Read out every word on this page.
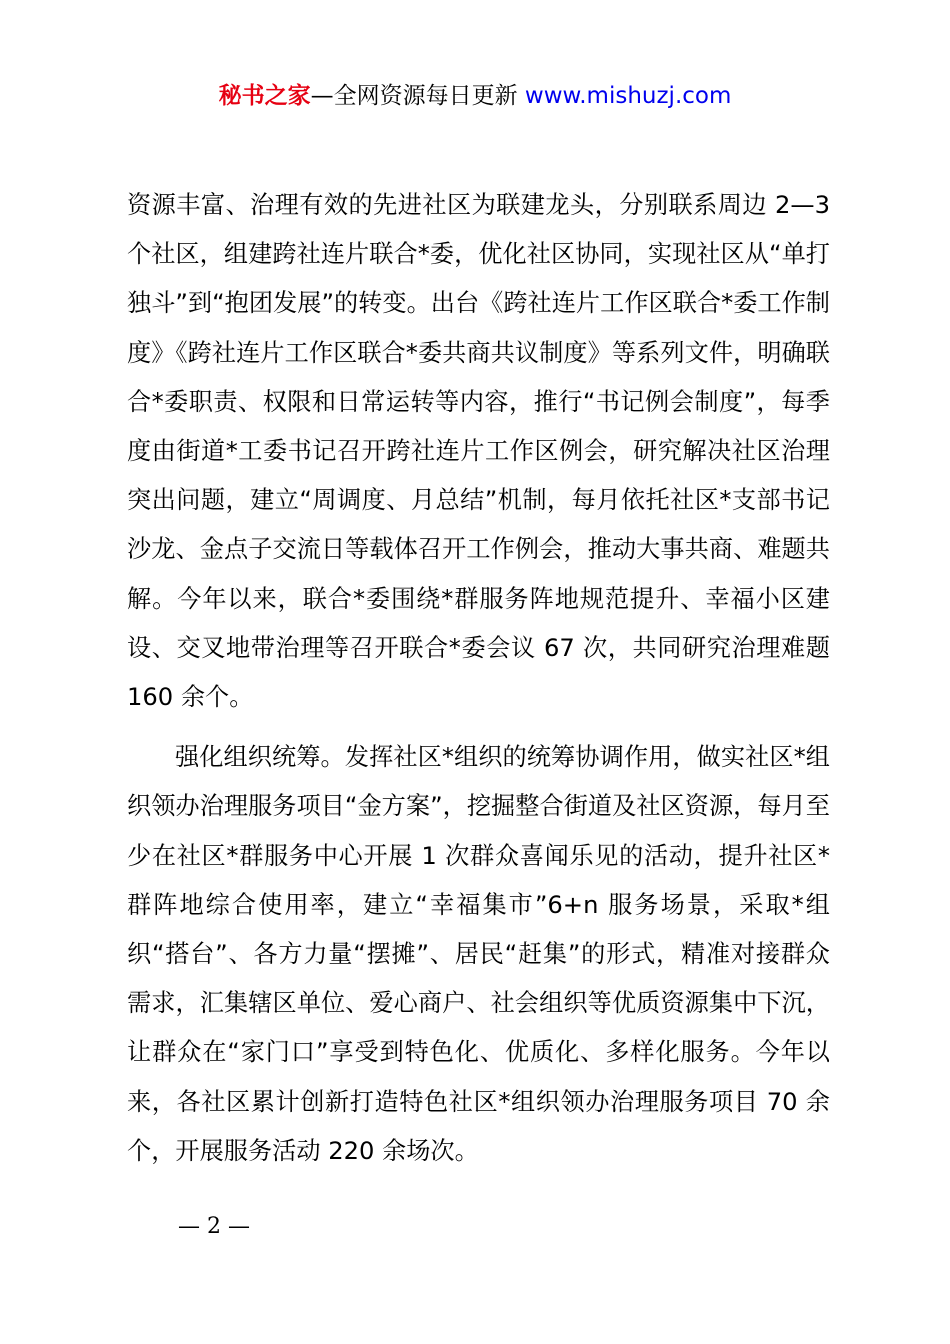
秘书之家—全网资源每日更新 www.mishuzj.com

资源丰富、治理有效的先进社区为联建龙头，分别联系周边 2—3 个社区，组建跨社连片联合*委，优化社区协同，实现社区从“单打独斗”到“抱团发展”的转变。出台《跨社连片工作区联合*委工作制度》《跨社连片工作区联合*委共商共议制度》等系列文件，明确联合*委职责、权限和日常运转等内容，推行“书记例会制度”，每季度由街道*工委书记召开跨社连片工作区例会，研究解决社区治理突出问题，建立“周调度、月总结”机制，每月依托社区*支部书记沙龙、金点子交流日等载体召开工作例会，推动大事共商、难题共解。今年以来，联合*委围绕*群服务阵地规范提升、幸福小区建设、交叉地带治理等召开联合*委会议 67 次，共同研究治理难题 160 余个。

强化组织统筹。发挥社区*组织的统筹协调作用，做实社区*组织领办治理服务项目“金方案”，挖掘整合街道及社区资源，每月至少在社区*群服务中心开展 1 次群众喜闻乐见的活动，提升社区*群阵地综合使用率，建立“幸福集市”6+n 服务场景，采取*组织“搭台”、各方力量“摆摊”、居民“赶集”的形式，精准对接群众需求，汇集辖区单位、爱心商户、社会组织等优质资源集中下沉，让群众在“家门口”享受到特色化、优质化、多样化服务。今年以来，各社区累计创新打造特色社区*组织领办治理服务项目 70 余个，开展服务活动 220 余场次。

— 2 —
